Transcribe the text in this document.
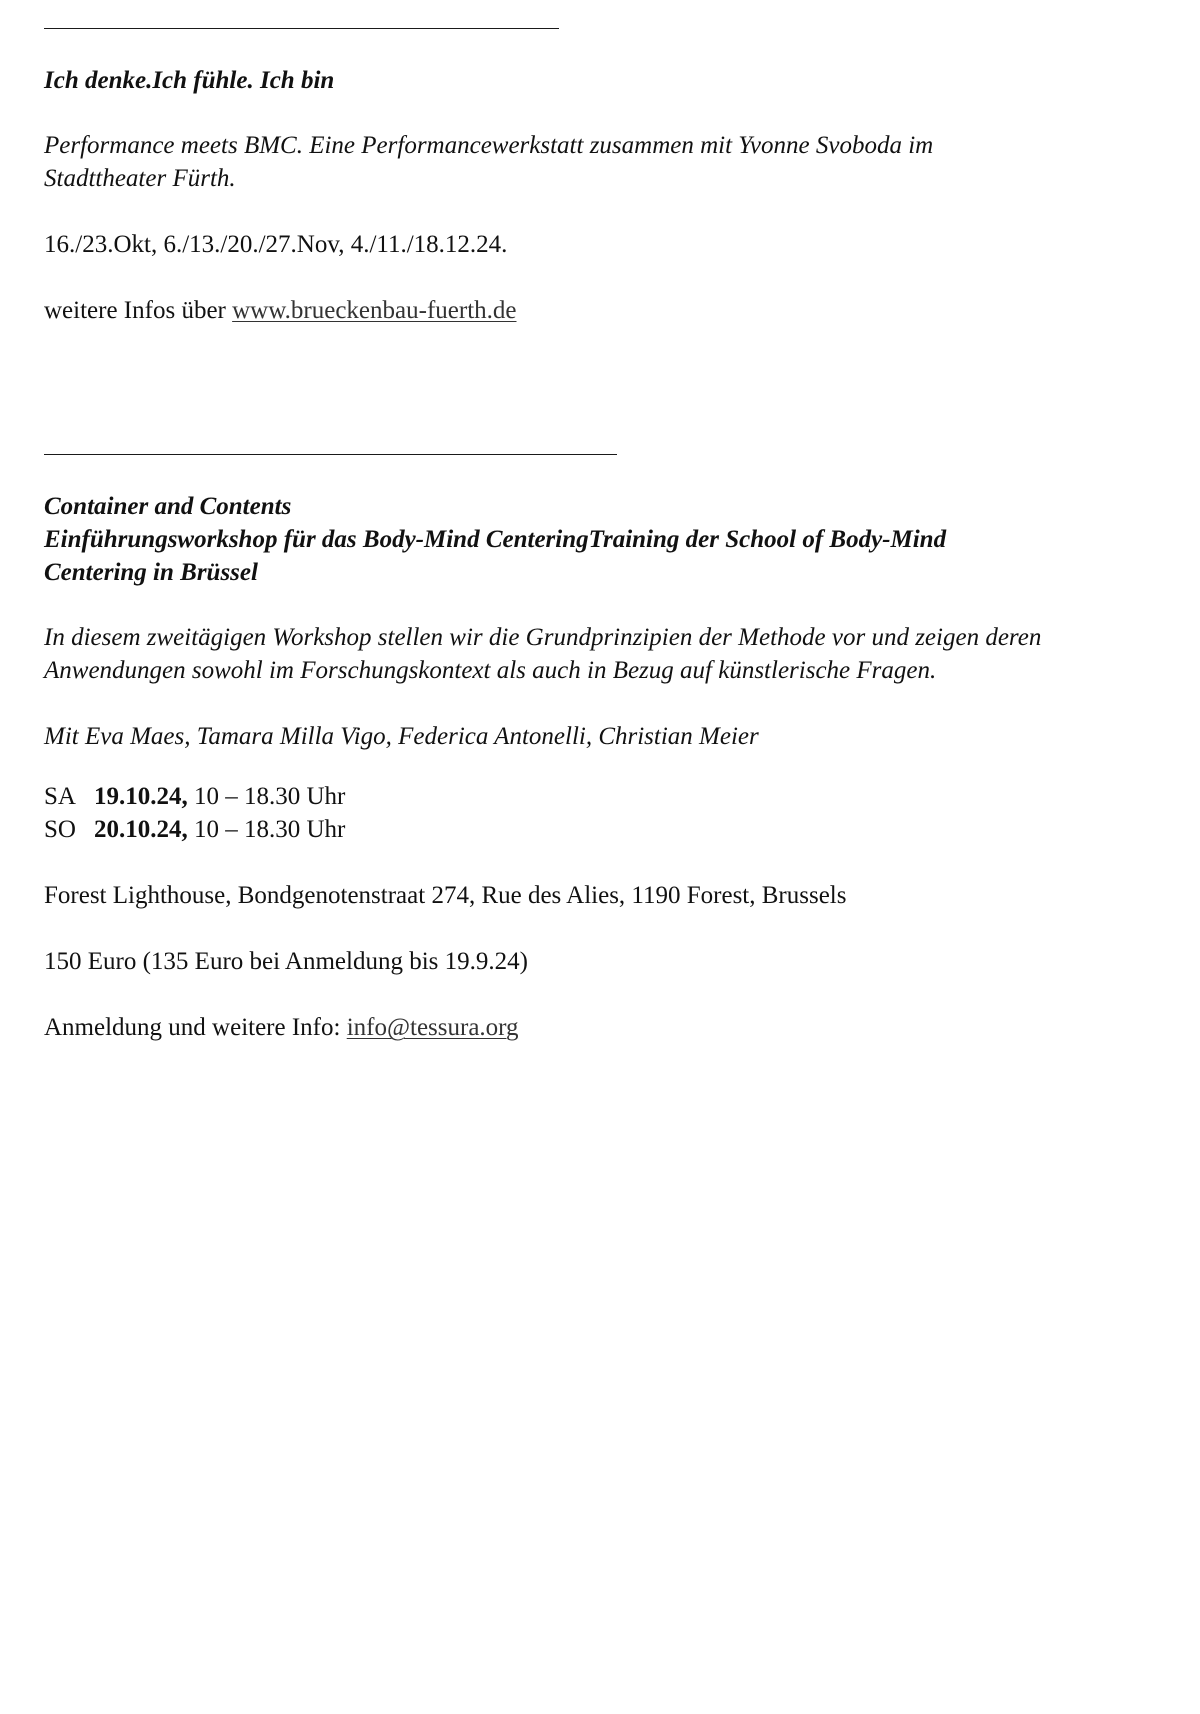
Ich denke.Ich fühle. Ich bin
Performance meets BMC. Eine Performancewerkstatt zusammen mit Yvonne Svoboda im
Stadttheater Fürth.
16./23.Okt, 6./13./20./27.Nov, 4./11./18.12.24.
weitere Infos über www.brueckenbau-fuerth.de
Container and Contents
Einführungsworkshop für das Body-Mind CenteringTraining der School of Body-Mind
Centering in Brüssel
In diesem zweitägigen Workshop stellen wir die Grundprinzipien der Methode vor und zeigen deren
Anwendungen sowohl im Forschungskontext als auch in Bezug auf künstlerische Fragen.
Mit Eva Maes, Tamara Milla Vigo, Federica Antonelli, Christian Meier
SA 19.10.24, 10 – 18.30 Uhr
SO 20.10.24, 10 – 18.30 Uhr
Forest Lighthouse, Bondgenotenstraat 274, Rue des Alies, 1190 Forest, Brussels
150 Euro (135 Euro bei Anmeldung bis 19.9.24)
Anmeldung und weitere Info: info@tessura.org
